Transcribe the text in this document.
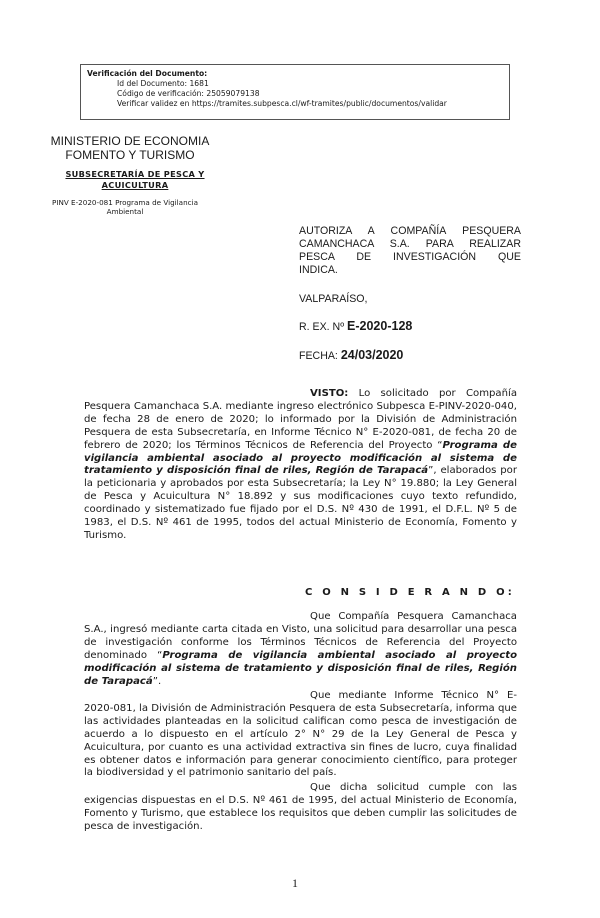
Verificación del Documento:
• Id del Documento: 1681
• Código de verificación: 25059079138
• Verificar validez en https://tramites.subpesca.cl/wf-tramites/public/documentos/validar
MINISTERIO DE ECONOMIA
FOMENTO Y TURISMO
SUBSECRETARÍA DE PESCA Y
ACUICULTURA
PINV E-2020-081 Programa de Vigilancia
Ambiental
AUTORIZA A COMPAÑÍA PESQUERA
CAMANCHACA S.A. PARA REALIZAR
PESCA DE INVESTIGACIÓN QUE
INDICA.
VALPARAÍSO,
R. EX. Nº E-2020-128
FECHA: 24/03/2020
VISTO: Lo solicitado por Compañía
Pesquera Camanchaca S.A. mediante ingreso electrónico Subpesca E-PINV-2020-040, de fecha 28 de enero de 2020; lo informado por la División de Administración Pesquera de esta Subsecretaría, en Informe Técnico N° E-2020-081, de fecha 20 de febrero de 2020; los Términos Técnicos de Referencia del Proyecto “Programa de vigilancia ambiental asociado al proyecto modificación al sistema de tratamiento y disposición final de riles, Región de Tarapacá”, elaborados por la peticionaria y aprobados por esta Subsecretaría; la Ley N° 19.880; la Ley General de Pesca y Acuicultura N° 18.892 y sus modificaciones cuyo texto refundido, coordinado y sistematizado fue fijado por el D.S. Nº 430 de 1991, el D.F.L. Nº 5 de 1983, el D.S. Nº 461 de 1995, todos del actual Ministerio de Economía, Fomento y Turismo.
C O N S I D E R A N D O:
Que Compañía Pesquera Camanchaca
S.A., ingresó mediante carta citada en Visto, una solicitud para desarrollar una pesca de investigación conforme los Términos Técnicos de Referencia del Proyecto denominado “Programa de vigilancia ambiental asociado al proyecto modificación al sistema de tratamiento y disposición final de riles, Región de Tarapacá”.
Que mediante Informe Técnico N° E-
2020-081, la División de Administración Pesquera de esta Subsecretaría, informa que las actividades planteadas en la solicitud califican como pesca de investigación de acuerdo a lo dispuesto en el artículo 2° N° 29 de la Ley General de Pesca y Acuicultura, por cuanto es una actividad extractiva sin fines de lucro, cuya finalidad es obtener datos e información para generar conocimiento científico, para proteger la biodiversidad y el patrimonio sanitario del país.
Que dicha solicitud cumple con las
exigencias dispuestas en el D.S. Nº 461 de 1995, del actual Ministerio de Economía, Fomento y Turismo, que establece los requisitos que deben cumplir las solicitudes de pesca de investigación.
1
